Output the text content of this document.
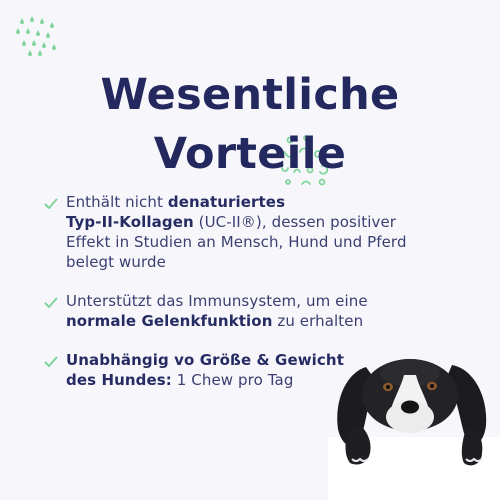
Wesentliche
Vorteile
Enthält nicht denaturiertes
Typ-II-Kollagen (UC-II®), dessen positiver
Effekt in Studien an Mensch, Hund und Pferd
belegt wurde
Unterstützt das Immunsystem, um eine
normale Gelenkfunktion zu erhalten
Unabhängig vo Größe & Gewicht
des Hundes: 1 Chew pro Tag
